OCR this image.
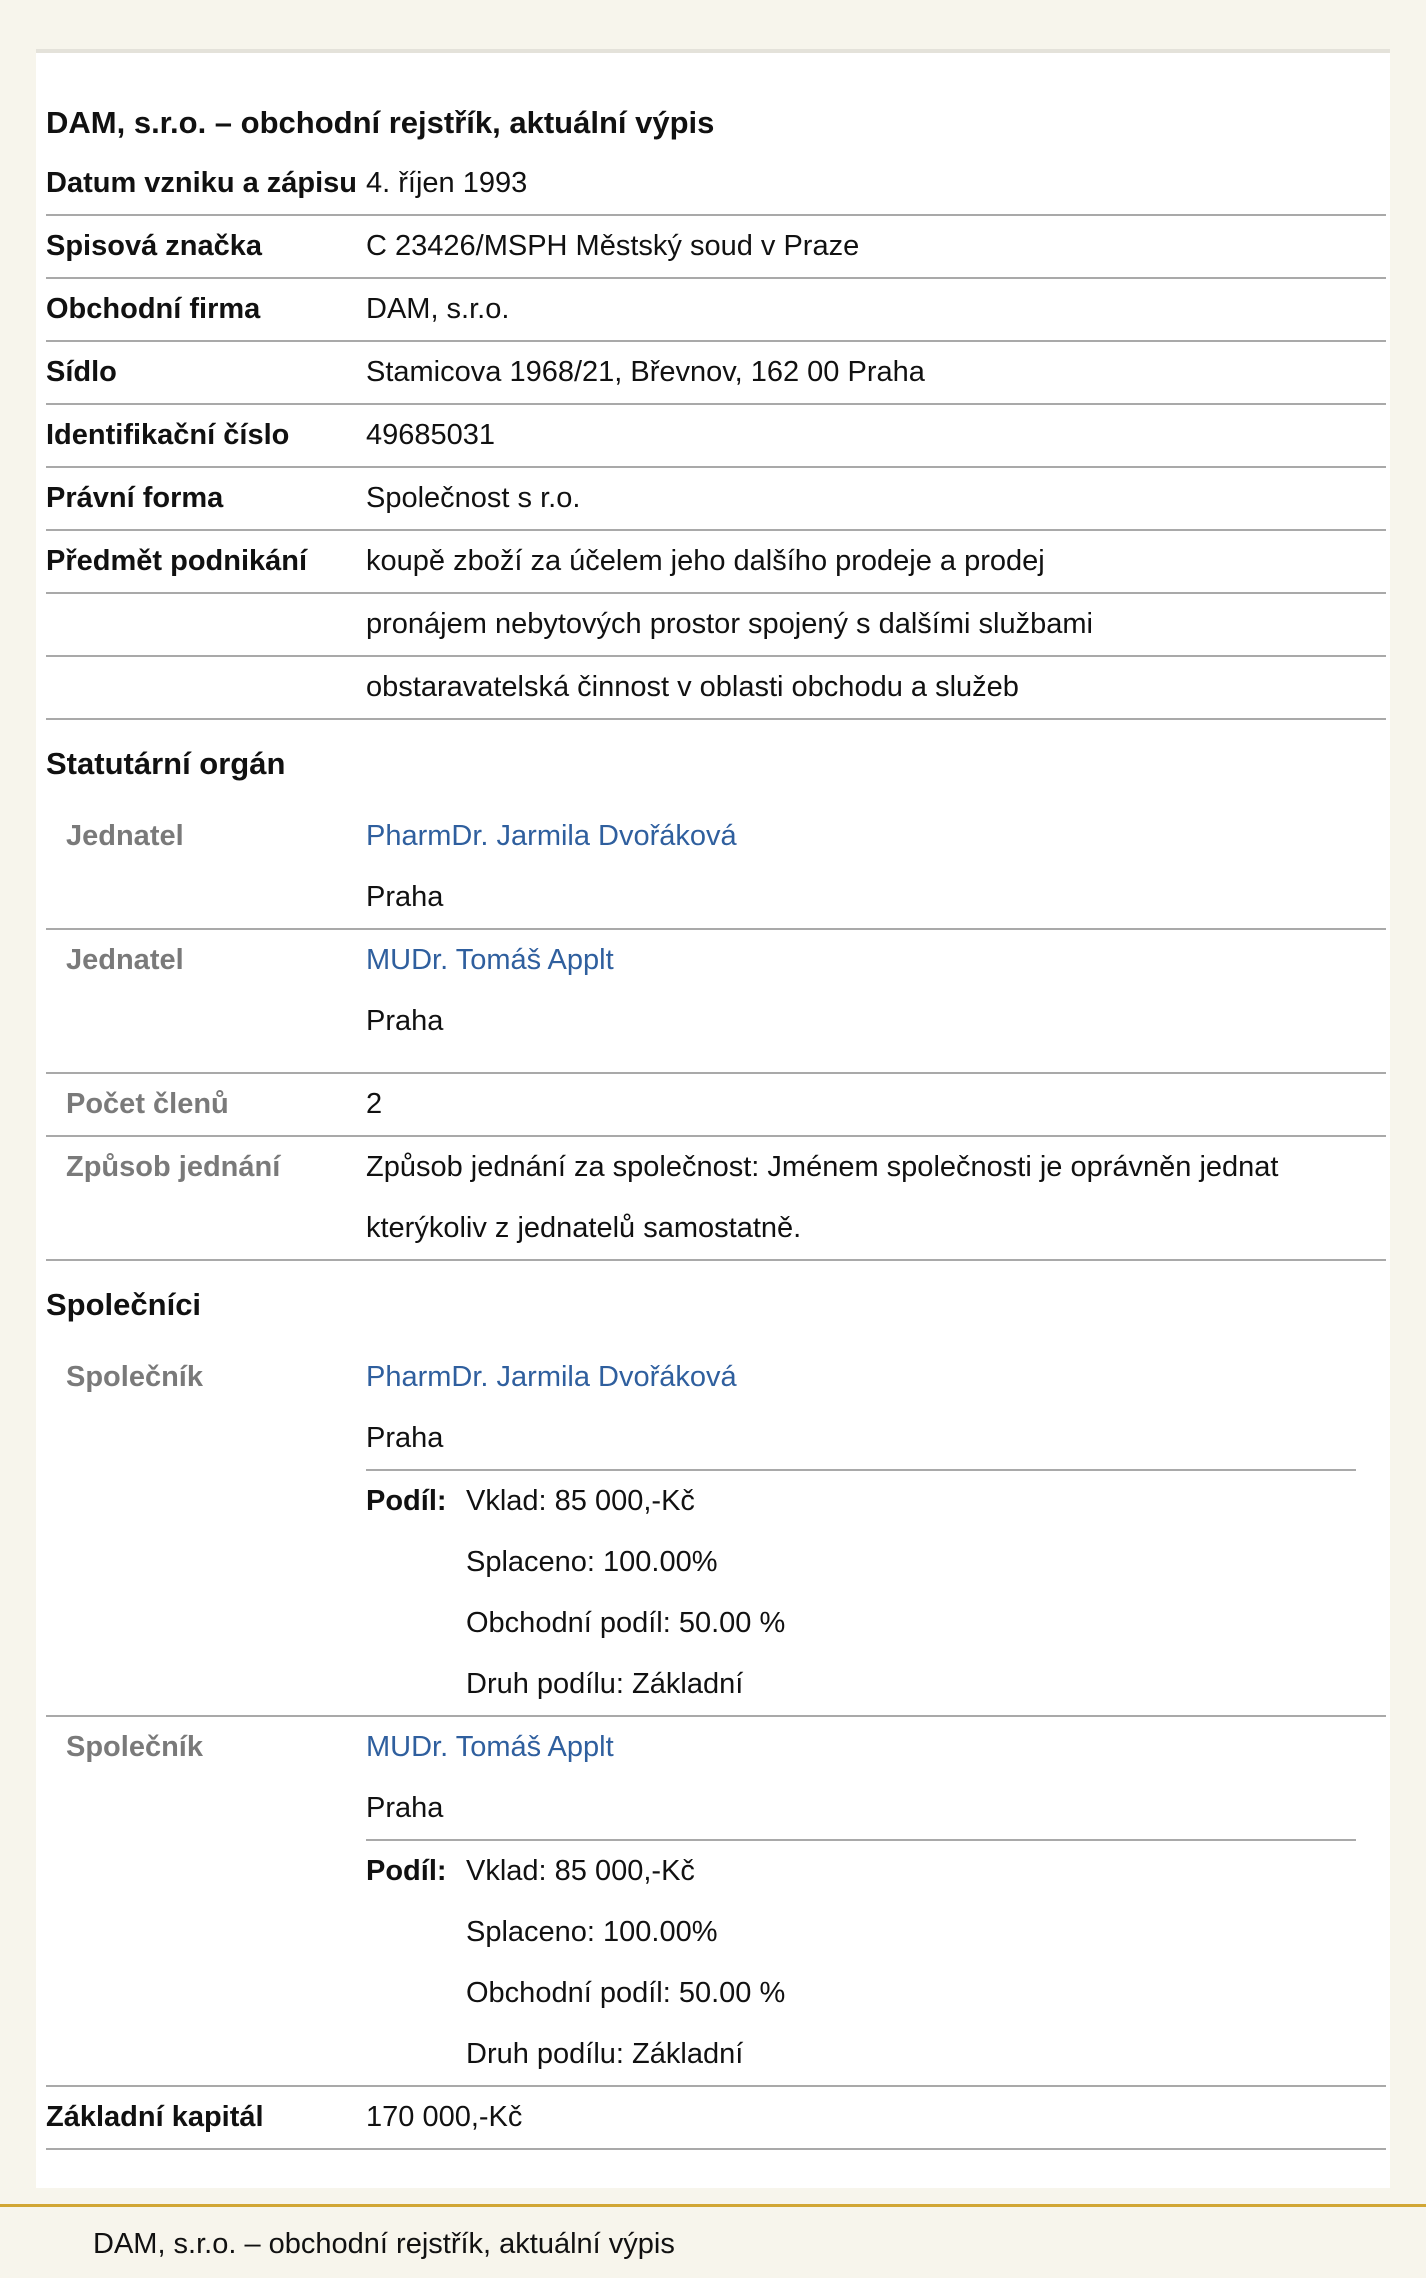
DAM, s.r.o. – obchodní rejstřík, aktuální výpis
Datum vzniku a zápisu 4. říjen 1993
Spisová značka	C 23426/MSPH Městský soud v Praze
Obchodní firma	DAM, s.r.o.
Sídlo	Stamicova 1968/21, Břevnov, 162 00 Praha
Identifikační číslo	49685031
Právní forma	Společnost s r.o.
Předmět podnikání	koupě zboží za účelem jeho dalšího prodeje a prodej
pronájem nebytových prostor spojený s dalšími službami
obstaravatelská činnost v oblasti obchodu a služeb
Statutární orgán
Jednatel	PharmDr. Jarmila Dvořáková
Praha
Jednatel	MUDr. Tomáš Applt
Praha
Počet členů	2
Způsob jednání	Způsob jednání za společnost: Jménem společnosti je oprávněn jednat
kterýkoliv z jednatelů samostatně.
Společníci
Společník	PharmDr. Jarmila Dvořáková
Praha
Podíl: Vklad: 85 000,-Kč
Splaceno: 100.00%
Obchodní podíl: 50.00 %
Druh podílu: Základní
Společník	MUDr. Tomáš Applt
Praha
Podíl: Vklad: 85 000,-Kč
Splaceno: 100.00%
Obchodní podíl: 50.00 %
Druh podílu: Základní
Základní kapitál	170 000,-Kč
DAM, s.r.o. – obchodní rejstřík, aktuální výpis
